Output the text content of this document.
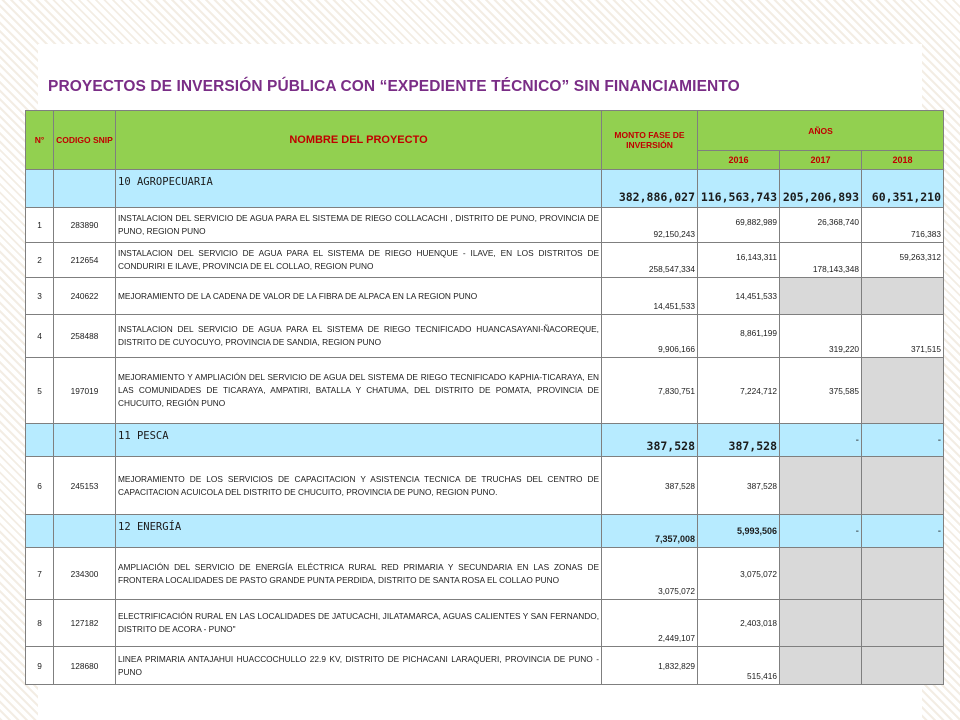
PROYECTOS DE INVERSIÓN PÚBLICA CON “EXPEDIENTE TÉCNICO” SIN FINANCIAMIENTO
N°	CODIGO SNIP	NOMBRE DEL PROYECTO	MONTO FASE DE INVERSIÓN	AÑOS		
				2016	2017	2018
		10 AGROPECUARIA	382,886,027	116,563,743	205,206,893	60,351,210
1	283890	INSTALACION DEL SERVICIO DE AGUA PARA EL SISTEMA DE RIEGO COLLACACHI , DISTRITO DE PUNO, PROVINCIA DE PUNO, REGION PUNO	92,150,243	69,882,989	26,368,740	716,383
2	212654	INSTALACION DEL SERVICIO DE AGUA PARA EL SISTEMA DE RIEGO HUENQUE - ILAVE, EN LOS DISTRITOS DE CONDURIRI E ILAVE, PROVINCIA DE EL COLLAO, REGION PUNO	258,547,334	16,143,311	178,143,348	59,263,312
3	240622	MEJORAMIENTO DE LA CADENA DE VALOR DE LA FIBRA DE ALPACA EN LA REGION PUNO	14,451,533	14,451,533		
4	258488	INSTALACION DEL SERVICIO DE AGUA PARA EL SISTEMA DE RIEGO TECNIFICADO HUANCASAYANI-ÑACOREQUE, DISTRITO DE CUYOCUYO, PROVINCIA DE SANDIA, REGION PUNO	9,906,166	8,861,199	319,220	371,515
5	197019	MEJORAMIENTO Y AMPLIACIÓN DEL SERVICIO DE AGUA DEL SISTEMA DE RIEGO TECNIFICADO KAPHIA-TICARAYA, EN LAS COMUNIDADES DE TICARAYA, AMPATIRI, BATALLA Y CHATUMA, DEL DISTRITO DE POMATA, PROVINCIA DE CHUCUITO, REGIÓN PUNO	7,830,751	7,224,712	375,585	
		11 PESCA	387,528	387,528	-	-
6	245153	MEJORAMIENTO DE LOS SERVICIOS DE CAPACITACION Y ASISTENCIA TECNICA DE TRUCHAS DEL CENTRO DE CAPACITACION ACUICOLA DEL DISTRITO DE CHUCUITO, PROVINCIA DE PUNO, REGION PUNO.	387,528	387,528		
		12 ENERGÍA	7,357,008	5,993,506	-	-
7	234300	AMPLIACIÓN DEL SERVICIO DE ENERGÍA ELÉCTRICA RURAL RED PRIMARIA Y SECUNDARIA EN LAS ZONAS DE FRONTERA LOCALIDADES DE PASTO GRANDE PUNTA PERDIDA, DISTRITO DE SANTA ROSA EL COLLAO PUNO	3,075,072	3,075,072		
8	127182	ELECTRIFICACIÓN RURAL EN LAS LOCALIDADES DE JATUCACHI, JILATAMARCA, AGUAS CALIENTES Y SAN FERNANDO, DISTRITO DE ACORA - PUNO"	2,449,107	2,403,018		
9	128680	LINEA PRIMARIA ANTAJAHUI HUACCOCHULLO 22.9 KV, DISTRITO DE PICHACANI LARAQUERI, PROVINCIA DE PUNO - PUNO	1,832,829	515,416		
